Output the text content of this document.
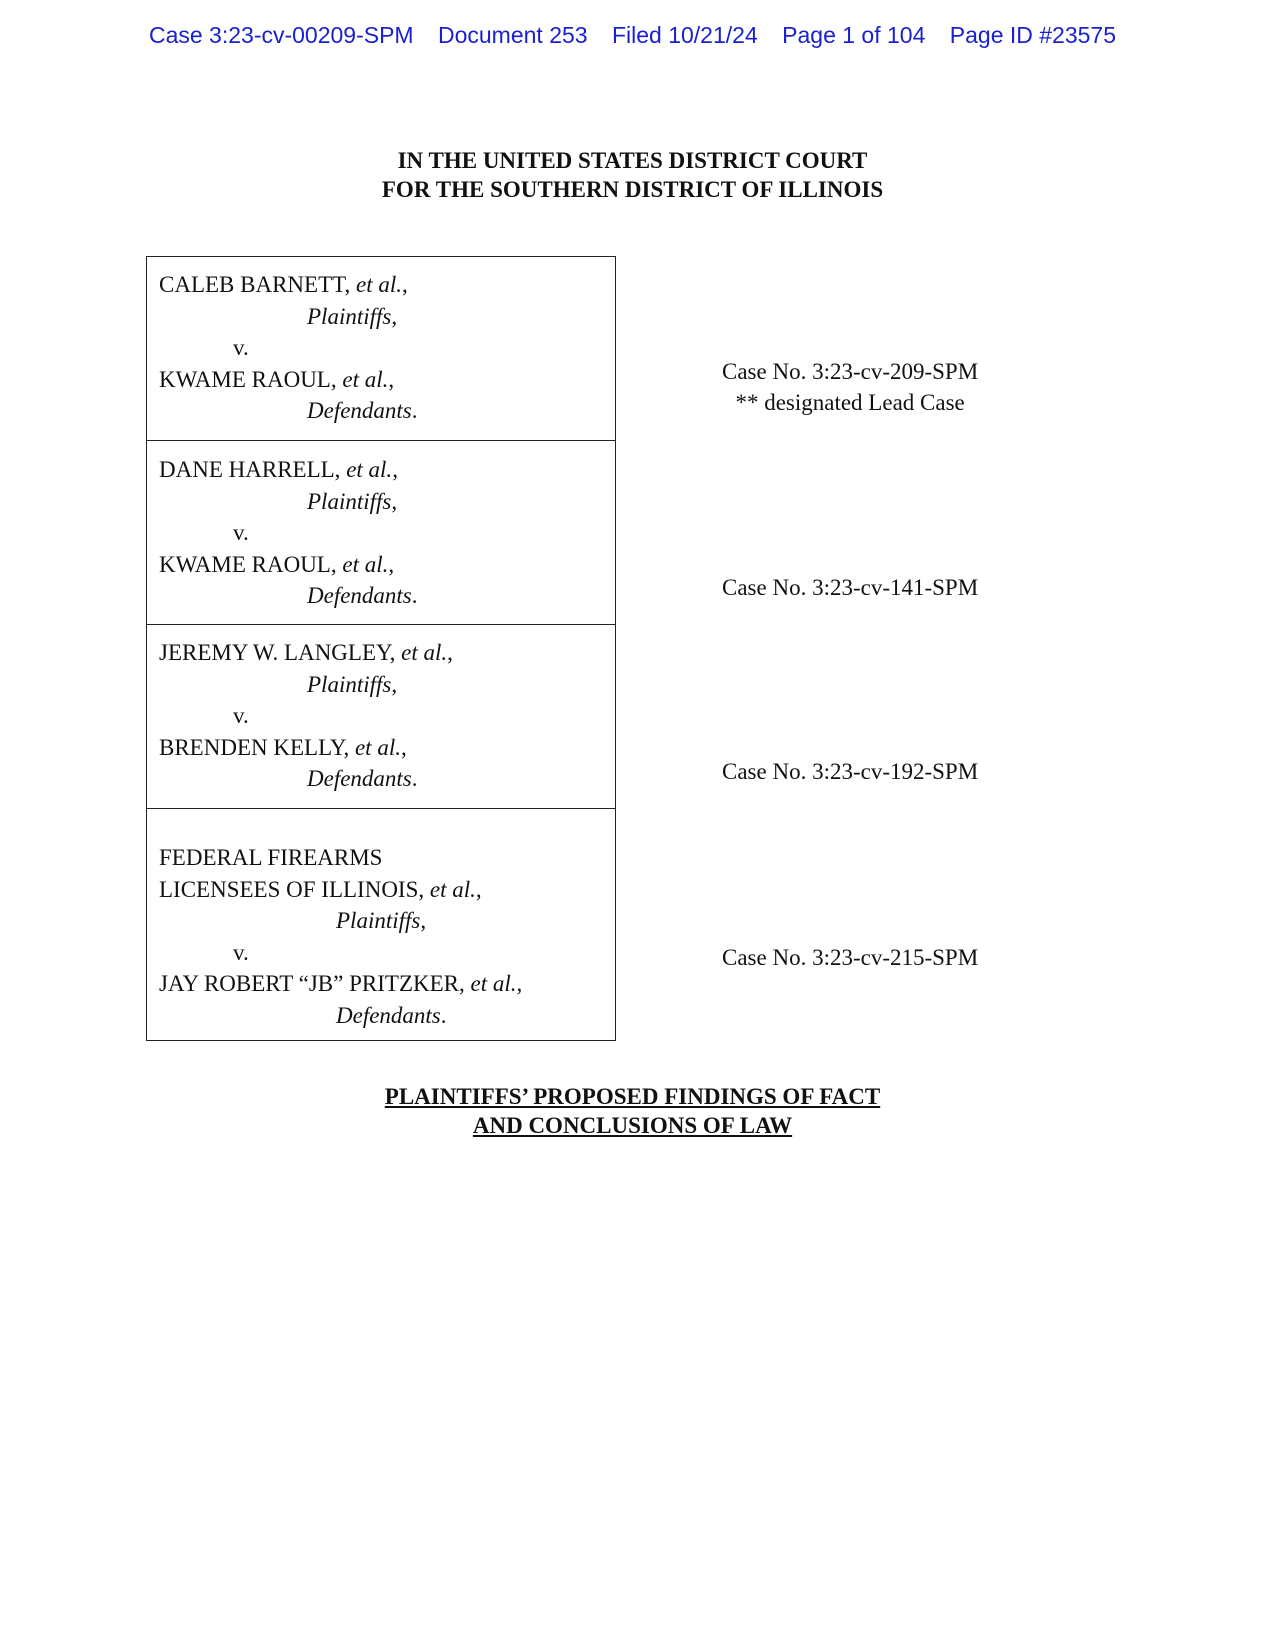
Case 3:23-cv-00209-SPM Document 253 Filed 10/21/24 Page 1 of 104 Page ID #23575
IN THE UNITED STATES DISTRICT COURT
FOR THE SOUTHERN DISTRICT OF ILLINOIS
CALEB BARNETT, et al.,
Plaintiffs,
v.
KWAME RAOUL, et al.,
Defendants.
DANE HARRELL, et al.,
Plaintiffs,
v.
KWAME RAOUL, et al.,
Defendants.
JEREMY W. LANGLEY, et al.,
Plaintiffs,
v.
BRENDEN KELLY, et al.,
Defendants.
FEDERAL FIREARMS
LICENSEES OF ILLINOIS, et al.,
Plaintiffs,
v.
JAY ROBERT “JB” PRITZKER, et al.,
Defendants.
Case No. 3:23-cv-209-SPM
** designated Lead Case
Case No. 3:23-cv-141-SPM
Case No. 3:23-cv-192-SPM
Case No. 3:23-cv-215-SPM
PLAINTIFFS’ PROPOSED FINDINGS OF FACT
AND CONCLUSIONS OF LAW
